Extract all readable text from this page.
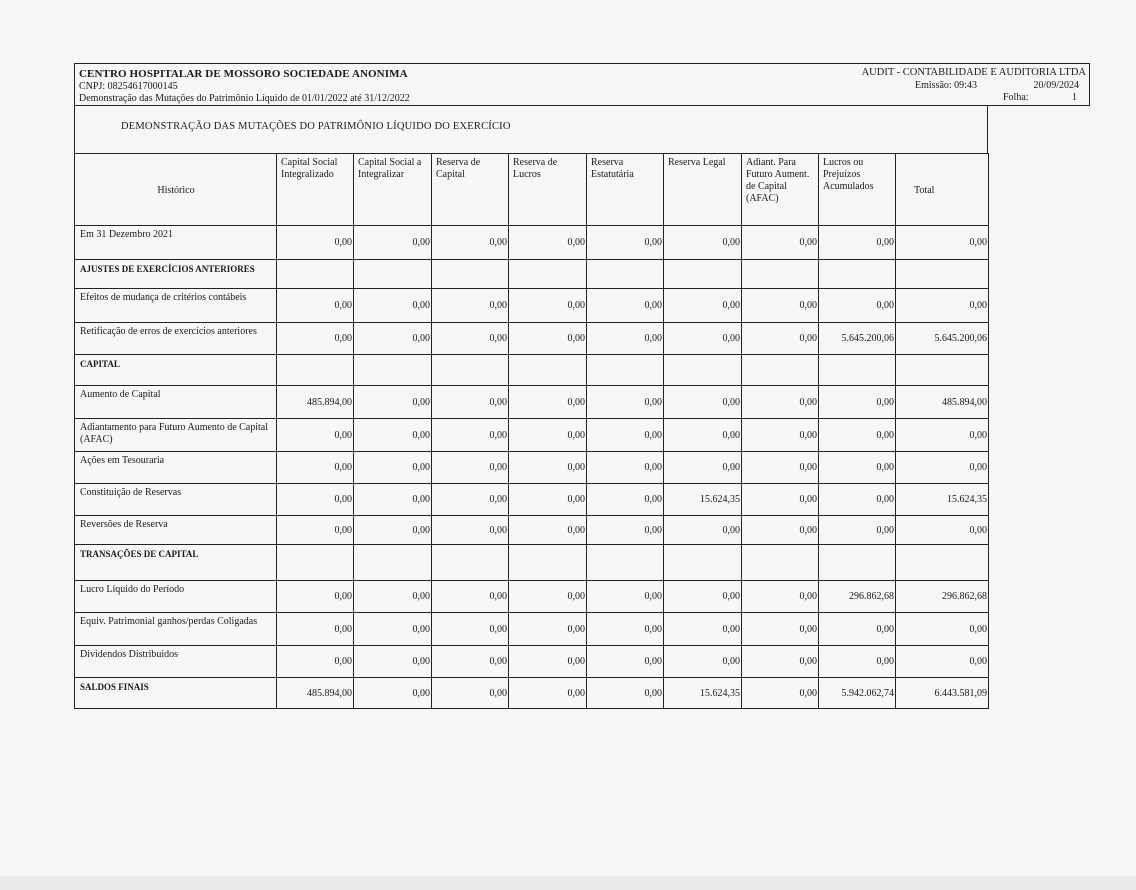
CENTRO HOSPITALAR DE MOSSORO SOCIEDADE ANONIMA
CNPJ: 08254617000145
Demonstração das Mutações do Patrimônio Líquido de 01/01/2022 até 31/12/2022
AUDIT - CONTABILIDADE E AUDITORIA LTDA
Emissão: 09:43	20/09/2024
Folha:	1
DEMONSTRAÇÃO DAS MUTAÇÕES DO PATRIMÔNIO LÍQUIDO DO EXERCÍCIO
Histórico	Capital Social Integralizado	Capital Social a Integralizar	Reserva de Capital	Reserva de Lucros	Reserva Estatutária	Reserva Legal	Adiant. Para Futuro Aument. de Capital (AFAC)	Lucros ou Prejuízos Acumulados	Total
Em 31 Dezembro 2021	0,00	0,00	0,00	0,00	0,00	0,00	0,00	0,00	0,00
AJUSTES DE EXERCÍCIOS ANTERIORES									
Efeitos de mudança de critérios contábeis	0,00	0,00	0,00	0,00	0,00	0,00	0,00	0,00	0,00
Retificação de erros de exercícios anteriores	0,00	0,00	0,00	0,00	0,00	0,00	0,00	5.645.200,06	5.645.200,06
CAPITAL									
Aumento de Capital	485.894,00	0,00	0,00	0,00	0,00	0,00	0,00	0,00	485.894,00
Adiantamento para Futuro Aumento de Capital (AFAC)	0,00	0,00	0,00	0,00	0,00	0,00	0,00	0,00	0,00
Ações em Tesouraria	0,00	0,00	0,00	0,00	0,00	0,00	0,00	0,00	0,00
Constituição de Reservas	0,00	0,00	0,00	0,00	0,00	15.624,35	0,00	0,00	15.624,35
Reversões de Reserva	0,00	0,00	0,00	0,00	0,00	0,00	0,00	0,00	0,00
TRANSAÇÕES DE CAPITAL									
Lucro Líquido do Período	0,00	0,00	0,00	0,00	0,00	0,00	0,00	296.862,68	296.862,68
Equiv. Patrimonial ganhos/perdas Coligadas	0,00	0,00	0,00	0,00	0,00	0,00	0,00	0,00	0,00
Dividendos Distribuidos	0,00	0,00	0,00	0,00	0,00	0,00	0,00	0,00	0,00
SALDOS FINAIS	485.894,00	0,00	0,00	0,00	0,00	15.624,35	0,00	5.942.062,74	6.443.581,09
